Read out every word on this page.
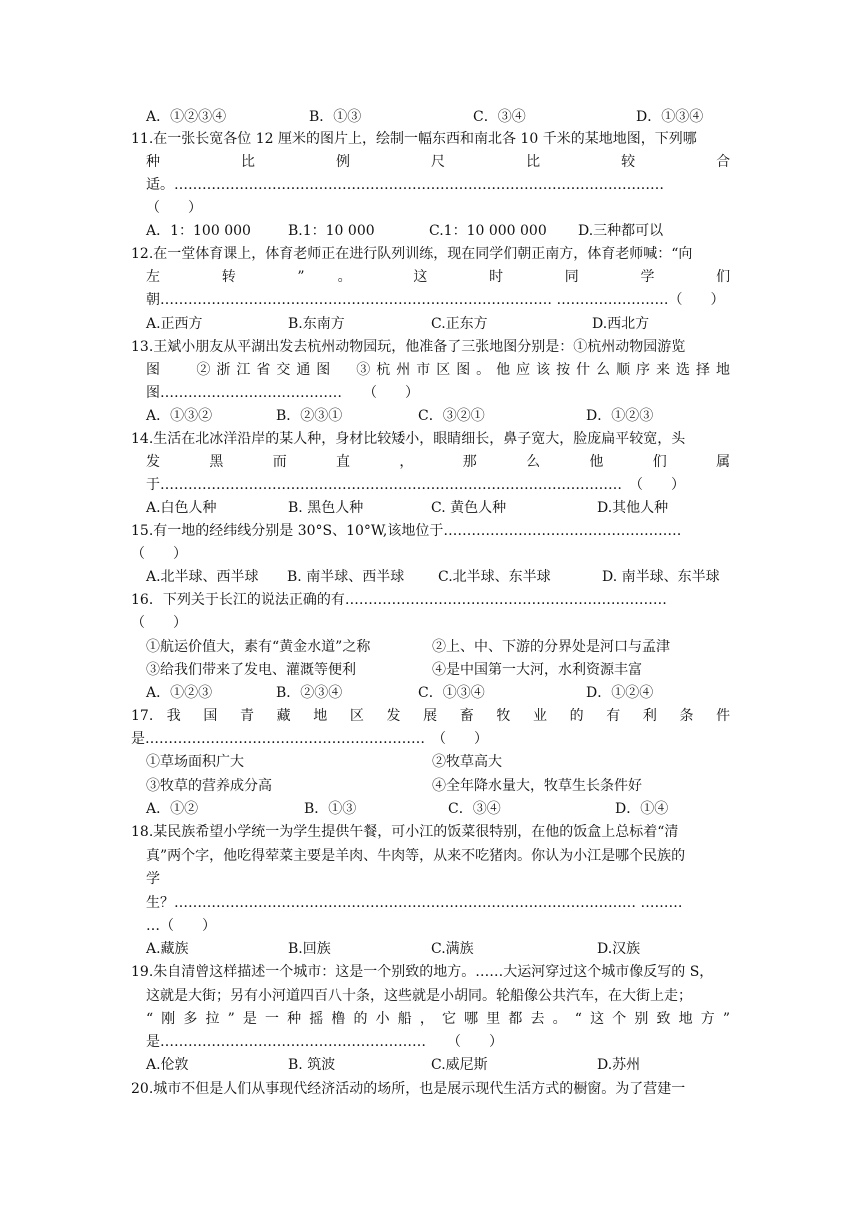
A．①②③④	B．①③	C．③④	D．①③④
11.在一张长宽各位 12 厘米的图片上，绘制一幅东西和南北各 10 千米的某地地图，下列哪
种	比	例	尺	比	较	合
适。……………………………………………………………………………………………
（　　）
A．1：100 000	B.1：10 000	C.1：10 000 000 D.三种都可以
12.在一堂体育课上，体育老师正在进行队列训练，现在同学们朝正南方，体育老师喊：“向
左 转 ” 。 这 时 同 学 们
朝………………………………………………………………………… ……………………（　　）
A.正西方	B.东南方	C.正东方	D.西北方
13.王斌小朋友从平湖出发去杭州动物园玩，他准备了三张地图分别是：①杭州动物园游览
图　 ②浙江省交通图　③杭州市区图。他应该按什么顺序来选择地
图…………………………………　　（　　）
A．①③②	B．②③①	C．③②①	D．①②③
14.生活在北冰洋沿岸的某人种，身材比较矮小，眼睛细长，鼻子宽大，脸庞扁平较宽，头
发 黑 而 直 ， 那 么 他 们 属
于………………………………………………………………………………………　（　　）
A.白色人种	B. 黑色人种	C. 黄色人种	D.其他人种
15.有一地的经纬线分别是 30°S、10°W,该地位于……………………………………………
（　　）
A.北半球、西半球 B. 南半球、西半球 C.北半球、东半球	D. 南半球、东半球
16．下列关于长江的说法正确的有……………………………………………………………
（　　）
①航运价值大，素有“黄金水道”之称	②上、中、下游的分界处是河口与孟津
③给我们带来了发电、灌溉等便利	④是中国第一大河，水利资源丰富
A．①②③	B．②③④	C．①③④	D．①②④
17. 我 国 青 藏 地 区 发 展 畜 牧 业 的 有 利 条 件
是……………………………………………………　（　　）
①草场面积广大	②牧草高大
③牧草的营养成分高	④全年降水量大，牧草生长条件好
A．①②	B．①③	C．③④	D．①④
18.某民族希望小学统一为学生提供午餐，可小江的饭菜很特别，在他的饭盒上总标着“清
真”两个字，他吃得荤菜主要是羊肉、牛肉等，从来不吃猪肉。你认为小江是哪个民族的
学
生？……………………………………………………………………………………… ………
…（　　）
A.藏族	B.回族	C.满族	D.汉族
19.朱自清曾这样描述一个城市：这是一个别致的地方。……大运河穿过这个城市像反写的 S，
这就是大街；另有小河道四百八十条，这些就是小胡同。轮船像公共汽车，在大街上走；
“刚多拉”是一种摇橹的小船，它哪里都去。“这个别致地方”
是…………………………………………………　　（　　）
A.伦敦	B. 筑波	C.威尼斯	D.苏州
20.城市不但是人们从事现代经济活动的场所，也是展示现代生活方式的橱窗。为了营建一
